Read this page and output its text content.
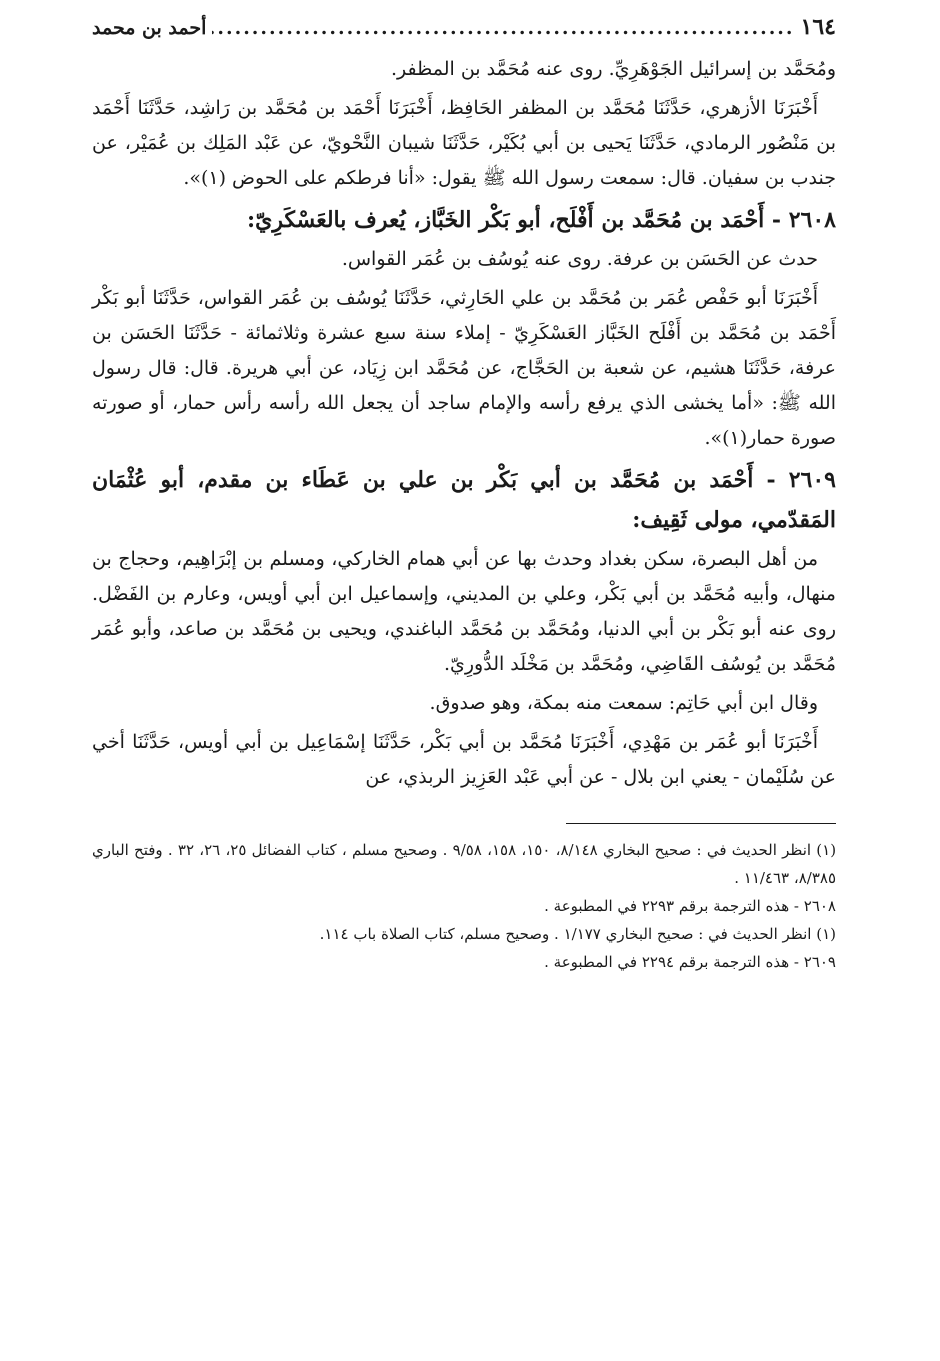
١٦٤
.....
أحمد بن محمد

ومُحَمَّد بن إسرائيل الجَوْهَرِيِّ. روى عنه مُحَمَّد بن المظفر.

أَخْبَرَنَا الأزهري، حَدَّثَنَا مُحَمَّد بن المظفر الحَافِظ، أَخْبَرَنَا أَحْمَد بن مُحَمَّد بن رَاشِد، حَدَّثَنَا أَحْمَد بن مَنْصُور الرمادي، حَدَّثَنَا يَحيى بن أبي بُكَيْر، حَدَّثَنَا شيبان النَّحْويّ، عن عَبْد المَلِك بن عُمَيْر، عن جندب بن سفيان. قال: سمعت رسول الله ﷺ يقول: «أنا فرطكم على الحوض (١)».

٢٦٠٨ - أَحْمَد بن مُحَمَّد بن أَفْلَح، أبو بَكْر الخَبَّاز، يُعرف بالعَسْكَرِيّ:

حدث عن الحَسَن بن عرفة. روى عنه يُوسُف بن عُمَر القواس.

أَخْبَرَنَا أبو حَفْص عُمَر بن مُحَمَّد بن علي الحَارِثي، حَدَّثَنَا يُوسُف بن عُمَر القواس، حَدَّثَنَا أبو بَكْر أَحْمَد بن مُحَمَّد بن أَفْلَح الخَبَّاز العَسْكَرِيّ - إملاء سنة سبع عشرة وثلاثمائة - حَدَّثَنَا الحَسَن بن عرفة، حَدَّثَنَا هشيم، عن شعبة بن الحَجَّاج، عن مُحَمَّد ابن زِيَاد، عن أبي هريرة. قال: قال رسول الله ﷺ: «أما يخشى الذي يرفع رأسه والإمام ساجد أن يجعل الله رأسه رأس حمار، أو صورته صورة حمار(١)».

٢٦٠٩ - أَحْمَد بن مُحَمَّد بن أبي بَكْر بن علي بن عَطَاء بن مقدم، أبو عُثْمَان المَقدّمي، مولى ثَقِيف:

من أهل البصرة، سكن بغداد وحدث بها عن أبي همام الخاركي، ومسلم بن إبْرَاهِيم، وحجاج بن منهال، وأبيه مُحَمَّد بن أبي بَكْر، وعلي بن المديني، وإسماعيل ابن أبي أويس، وعارم بن الفَضْل. روى عنه أبو بَكْر بن أبي الدنيا، ومُحَمَّد بن مُحَمَّد الباغندي، ويحيى بن مُحَمَّد بن صاعد، وأبو عُمَر مُحَمَّد بن يُوسُف القَاضِي، ومُحَمَّد بن مَخْلَد الدُّورِيّ.

وقال ابن أبي حَاتِم: سمعت منه بمكة، وهو صدوق.

أَخْبَرَنَا أبو عُمَر بن مَهْدِي، أَخْبَرَنَا مُحَمَّد بن أبي بَكْر، حَدَّثَنَا إسْمَاعِيل بن أبي أويس، حَدَّثَنَا أخي عن سُلَيْمان - يعني ابن بلال - عن أبي عَبْد العَزِيز الربذي، عن

(١) انظر الحديث في : صحيح البخاري ٨/١٤٨، ١٥٠، ١٥٨، ٩/٥٨ . وصحيح مسلم ، كتاب الفضائل ٢٥، ٢٦، ٣٢ . وفتح الباري ٨/٣٨٥، ١١/٤٦٣ .

٢٦٠٨ - هذه الترجمة برقم ٢٢٩٣ في المطبوعة .

(١) انظر الحديث في : صحيح البخاري ١/١٧٧ . وصحيح مسلم، كتاب الصلاة باب ١١٤.

٢٦٠٩ - هذه الترجمة برقم ٢٢٩٤ في المطبوعة .
